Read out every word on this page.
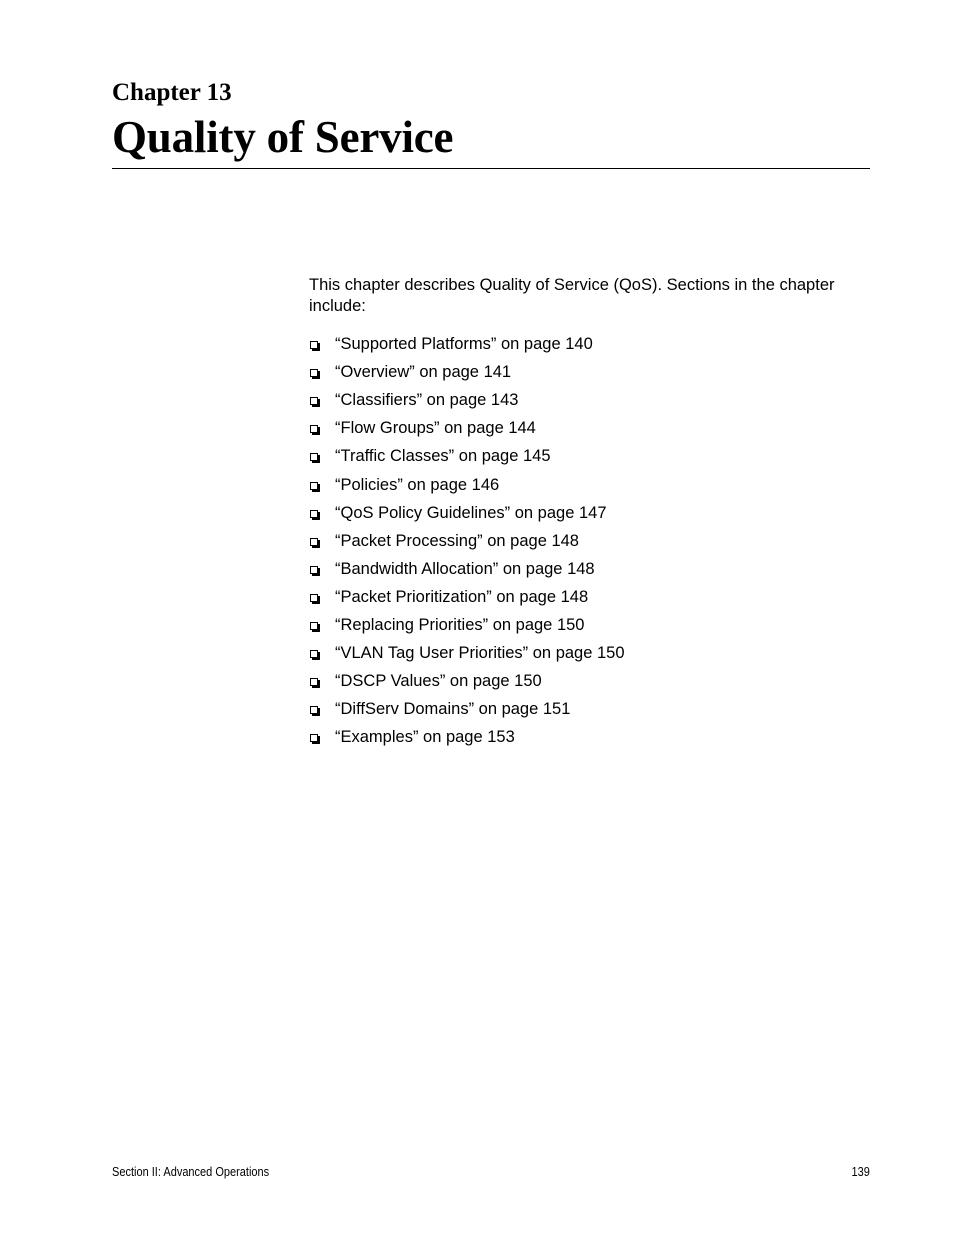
Chapter 13
Quality of Service

This chapter describes Quality of Service (QoS). Sections in the chapter include:

“Supported Platforms” on page 140
“Overview” on page 141
“Classifiers” on page 143
“Flow Groups” on page 144
“Traffic Classes” on page 145
“Policies” on page 146
“QoS Policy Guidelines” on page 147
“Packet Processing” on page 148
“Bandwidth Allocation” on page 148
“Packet Prioritization” on page 148
“Replacing Priorities” on page 150
“VLAN Tag User Priorities” on page 150
“DSCP Values” on page 150
“DiffServ Domains” on page 151
“Examples” on page 153
Section II: Advanced Operations	139
